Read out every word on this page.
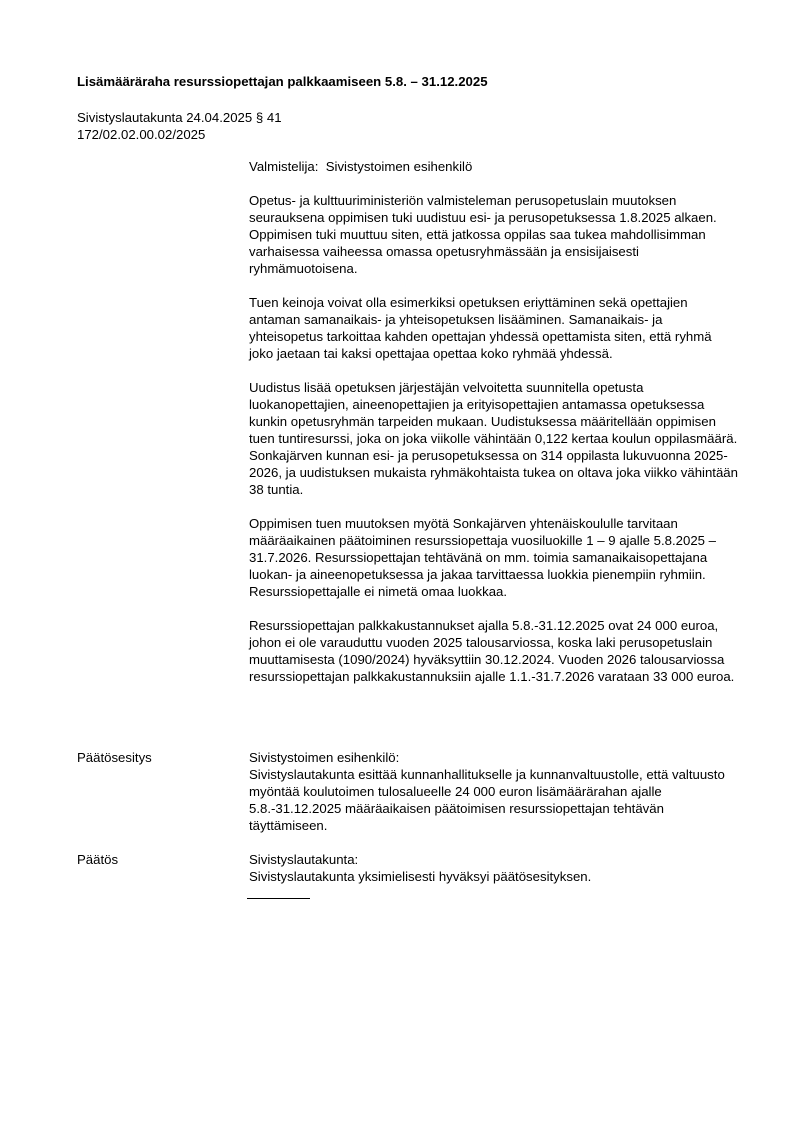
Lisämääräraha resurssiopettajan palkkaamiseen 5.8. – 31.12.2025
Sivistyslautakunta 24.04.2025 § 41
172/02.02.00.02/2025
Valmistelija: Sivistystoimen esihenkilö

Opetus- ja kulttuuriministeriön valmisteleman perusopetuslain muutoksen seurauksena oppimisen tuki uudistuu esi- ja perusopetuksessa 1.8.2025 alkaen. Oppimisen tuki muuttuu siten, että jatkossa oppilas saa tukea mahdollisimman varhaisessa vaiheessa omassa opetusryhmässään ja ensisijaisesti ryhmämuotoisena.

Tuen keinoja voivat olla esimerkiksi opetuksen eriyttäminen sekä opettajien antaman samanaikais- ja yhteisopetuksen lisääminen. Samanaikais- ja yhteisopetus tarkoittaa kahden opettajan yhdessä opettamista siten, että ryhmä joko jaetaan tai kaksi opettajaa opettaa koko ryhmää yhdessä.

Uudistus lisää opetuksen järjestäjän velvoitetta suunnitella opetusta luokanopettajien, aineenopettajien ja erityisopettajien antamassa opetuksessa kunkin opetusryhmän tarpeiden mukaan. Uudistuksessa määritellään oppimisen tuen tuntiresurssi, joka on joka viikolle vähintään 0,122 kertaa koulun oppilasmäärä. Sonkajärven kunnan esi- ja perusopetuksessa on 314 oppilasta lukuvuonna 2025-2026, ja uudistuksen mukaista ryhmäkohtaista tukea on oltava joka viikko vähintään 38 tuntia.

Oppimisen tuen muutoksen myötä Sonkajärven yhtenäiskoululle tarvitaan määräaikainen päätoiminen resurssiopettaja vuosiluokille 1 – 9 ajalle 5.8.2025 – 31.7.2026. Resurssiopettajan tehtävänä on mm. toimia samanaikaisopettajana luokan- ja aineenopetuksessa ja jakaa tarvittaessa luokkia pienempiin ryhmiin. Resurssiopettajalle ei nimetä omaa luokkaa.

Resurssiopettajan palkkakustannukset ajalla 5.8.-31.12.2025 ovat 24 000 euroa, johon ei ole varauduttu vuoden 2025 talousarviossa, koska laki perusopetuslain muuttamisesta (1090/2024) hyväksyttiin 30.12.2024. Vuoden 2026 talousarviossa resurssiopettajan palkkakustannuksiin ajalle 1.1.-31.7.2026 varataan 33 000 euroa.

Päätösesitys	Sivistystoimen esihenkilö:
Sivistyslautakunta esittää kunnanhallitukselle ja kunnanvaltuustolle, että valtuusto myöntää koulutoimen tulosalueelle 24 000 euron lisämäärärahan ajalle 5.8.-31.12.2025 määräaikaisen päätoimisen resurssiopettajan tehtävän täyttämiseen.
Päätös	Sivistyslautakunta:
Sivistyslautakunta yksimielisesti hyväksyi päätösesityksen.
